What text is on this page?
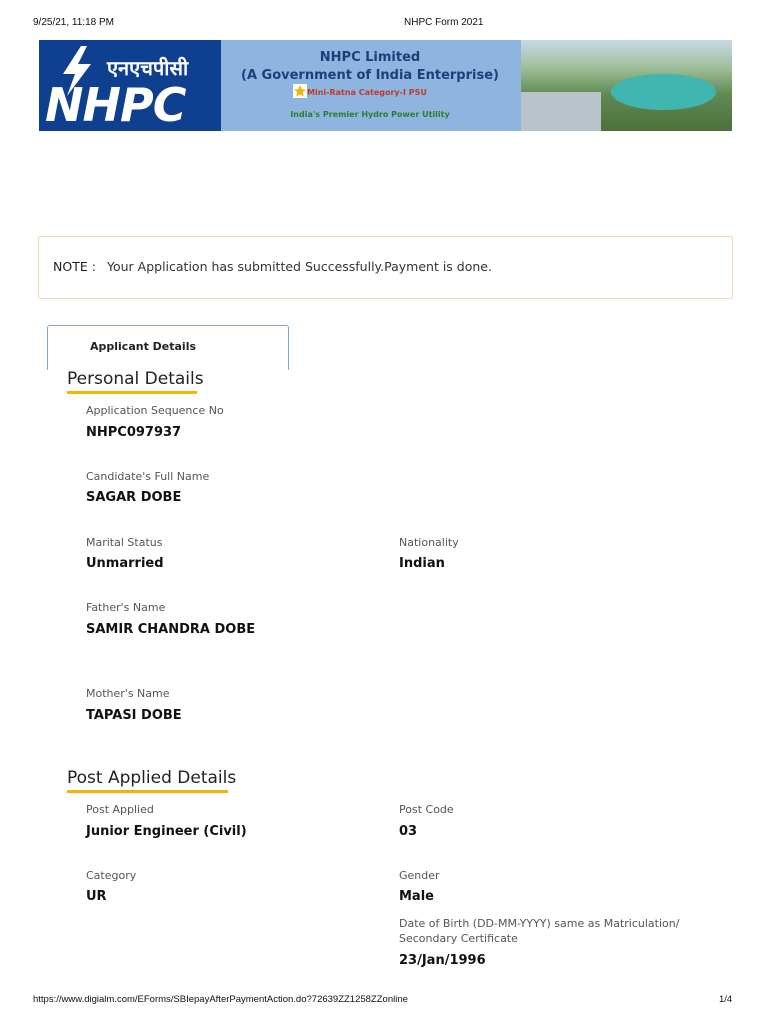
9/25/21, 11:18 PM	NHPC Form 2021
एनएचपीसी
NHPC
NHPC Limited
(A Government of India Enterprise)
Mini-Ratna Category-I PSU
India's Premier Hydro Power Utility
NOTE : Your Application has submitted Successfully.Payment is done.
Applicant Details
Personal Details
Application Sequence No
NHPC097937
Candidate's Full Name
SAGAR DOBE
Marital Status
Unmarried
Nationality
Indian
Father's Name
SAMIR CHANDRA DOBE
Mother's Name
TAPASI DOBE
Post Applied Details
Post Applied
Junior Engineer (Civil)
Post Code
03
Category
UR
Gender
Male
Date of Birth (DD-MM-YYYY) same as Matriculation/
Secondary Certificate
23/Jan/1996
https://www.digialm.com/EForms/SBIepayAfterPaymentAction.do?72639ZZ1258ZZonline	1/4
